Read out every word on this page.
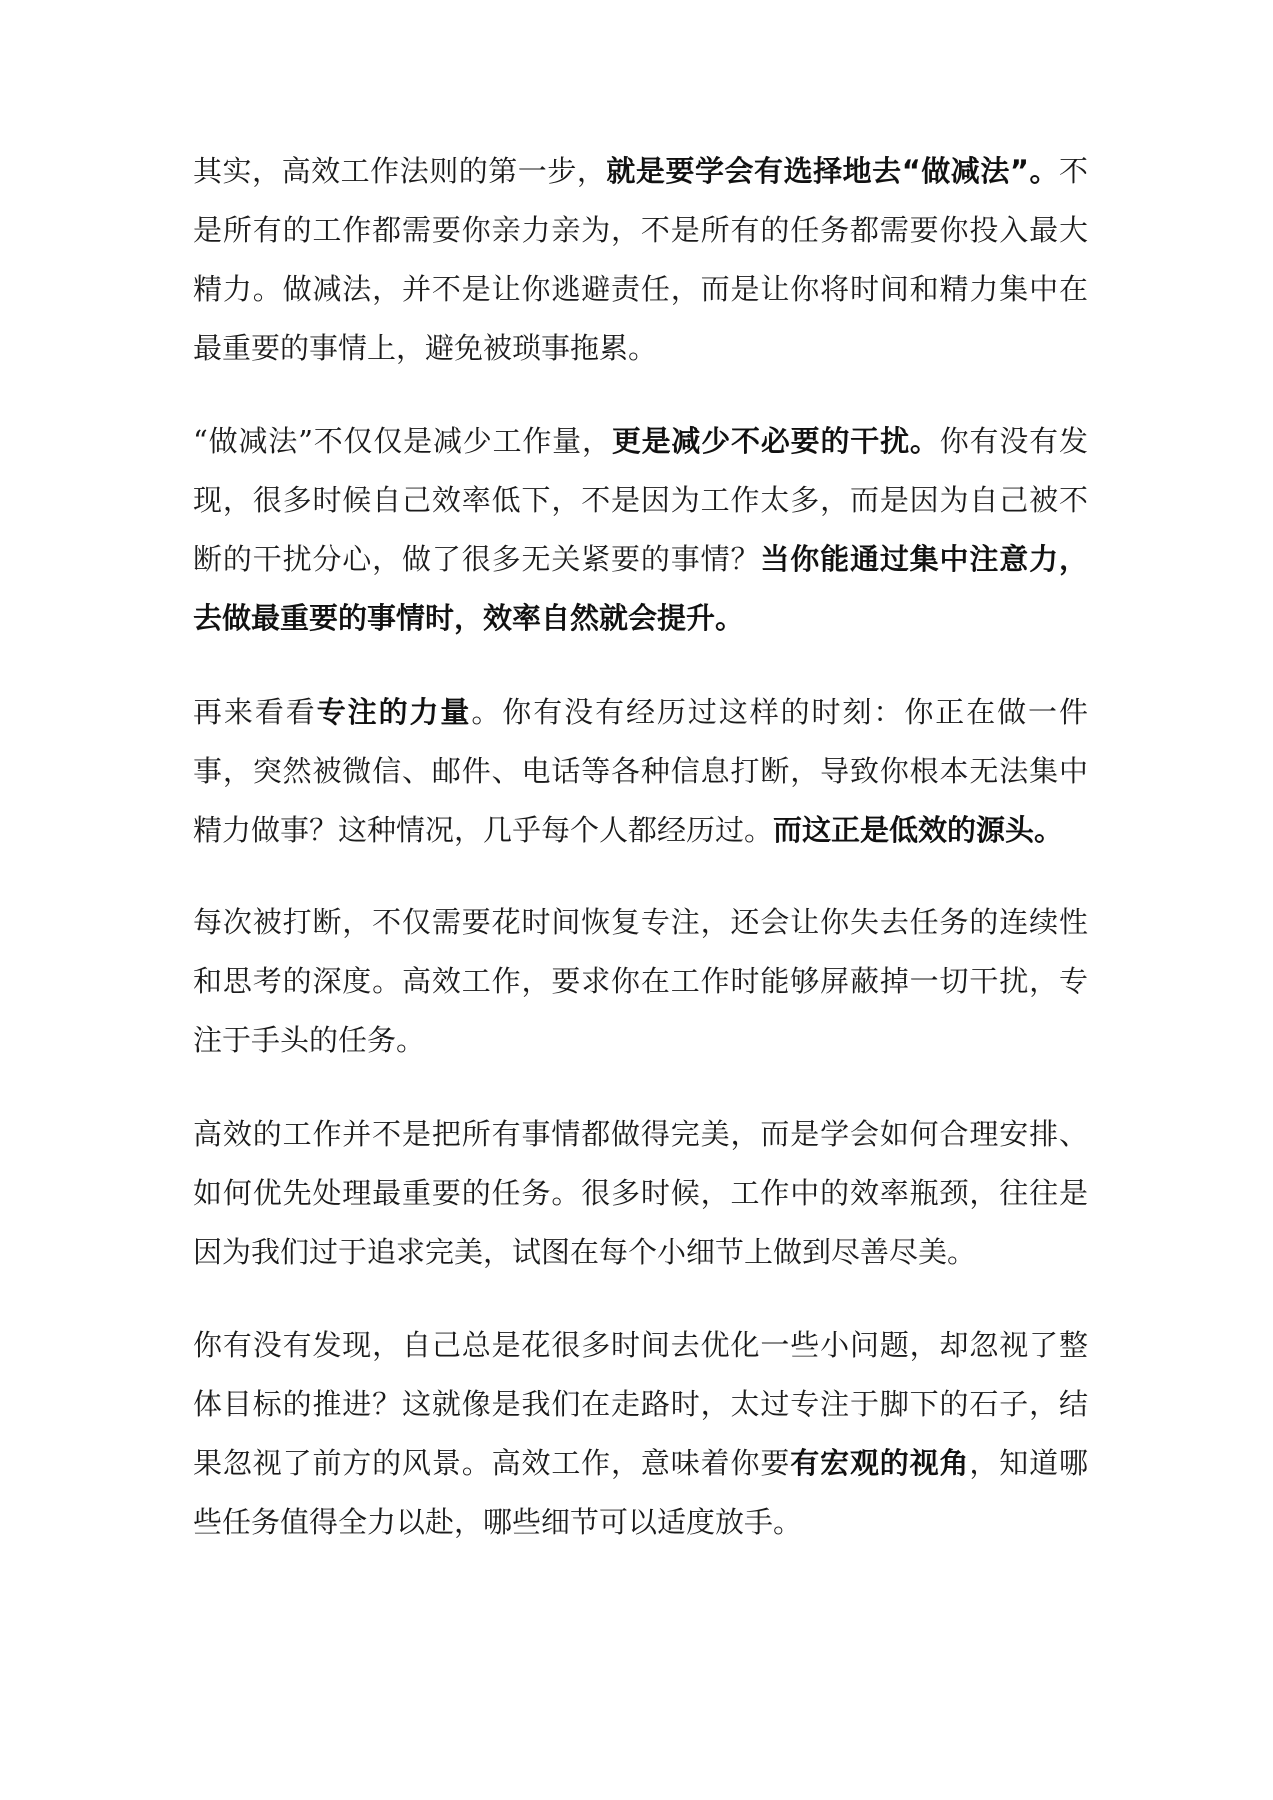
其实，高效工作法则的第一步，就是要学会有选择地去“做减法”。不是所有的工作都需要你亲力亲为，不是所有的任务都需要你投入最大精力。做减法，并不是让你逃避责任，而是让你将时间和精力集中在最重要的事情上，避免被琐事拖累。

“做减法”不仅仅是减少工作量，更是减少不必要的干扰。你有没有发现，很多时候自己效率低下，不是因为工作太多，而是因为自己被不断的干扰分心，做了很多无关紧要的事情？当你能通过集中注意力，去做最重要的事情时，效率自然就会提升。

再来看看专注的力量。你有没有经历过这样的时刻：你正在做一件事，突然被微信、邮件、电话等各种信息打断，导致你根本无法集中精力做事？这种情况，几乎每个人都经历过。而这正是低效的源头。

每次被打断，不仅需要花时间恢复专注，还会让你失去任务的连续性和思考的深度。高效工作，要求你在工作时能够屏蔽掉一切干扰，专注于手头的任务。

高效的工作并不是把所有事情都做得完美，而是学会如何合理安排、如何优先处理最重要的任务。很多时候，工作中的效率瓶颈，往往是因为我们过于追求完美，试图在每个小细节上做到尽善尽美。

你有没有发现，自己总是花很多时间去优化一些小问题，却忽视了整体目标的推进？这就像是我们在走路时，太过专注于脚下的石子，结果忽视了前方的风景。高效工作，意味着你要有宏观的视角，知道哪些任务值得全力以赴，哪些细节可以适度放手。
